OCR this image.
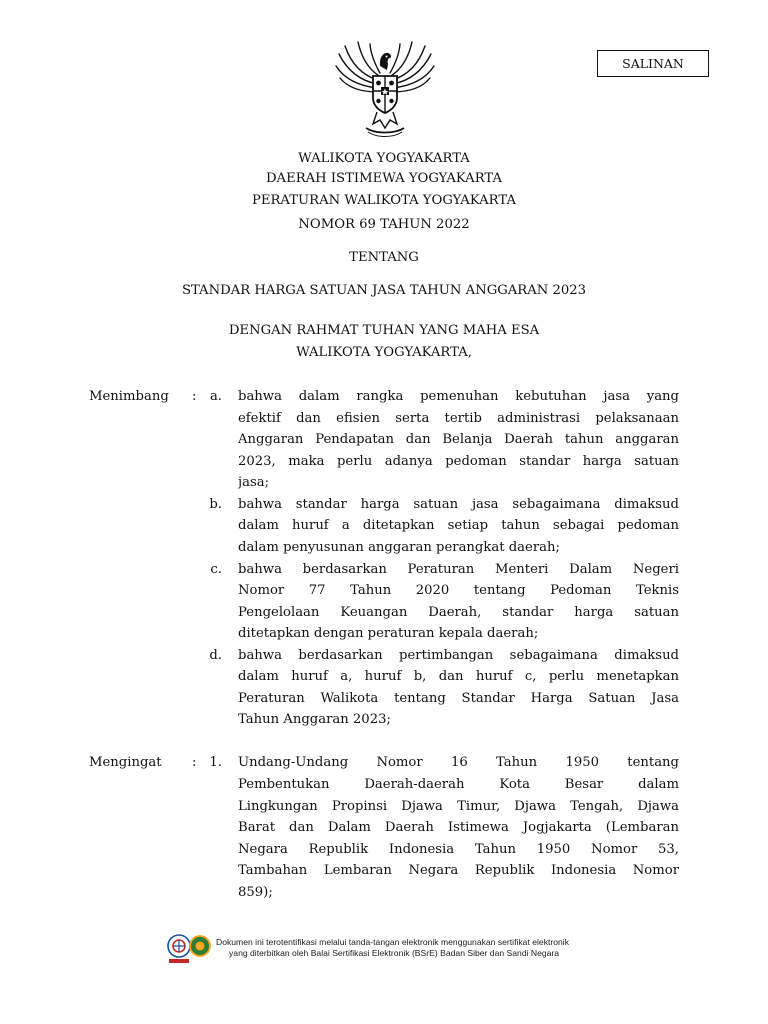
SALINAN
WALIKOTA YOGYAKARTA
DAERAH ISTIMEWA YOGYAKARTA
PERATURAN WALIKOTA YOGYAKARTA
NOMOR 69 TAHUN 2022
TENTANG
STANDAR HARGA SATUAN JASA TAHUN ANGGARAN 2023
DENGAN RAHMAT TUHAN YANG MAHA ESA
WALIKOTA YOGYAKARTA,
Menimbang :	a. bahwa dalam rangka pemenuhan kebutuhan jasa yang
efektif dan efisien serta tertib administrasi pelaksanaan
Anggaran Pendapatan dan Belanja Daerah tahun anggaran
2023, maka perlu adanya pedoman standar harga satuan
jasa;
b. bahwa standar harga satuan jasa sebagaimana dimaksud
dalam huruf a ditetapkan setiap tahun sebagai pedoman
dalam penyusunan anggaran perangkat daerah;
c. bahwa berdasarkan Peraturan Menteri Dalam Negeri
Nomor 77 Tahun 2020 tentang Pedoman Teknis
Pengelolaan Keuangan Daerah, standar harga satuan
ditetapkan dengan peraturan kepala daerah;
d. bahwa berdasarkan pertimbangan sebagaimana dimaksud
dalam huruf a, huruf b, dan huruf c, perlu menetapkan
Peraturan Walikota tentang Standar Harga Satuan Jasa
Tahun Anggaran 2023;
Mengingat : 1. Undang-Undang Nomor 16 Tahun 1950 tentang
Pembentukan Daerah-daerah Kota Besar dalam
Lingkungan Propinsi Djawa Timur, Djawa Tengah, Djawa
Barat dan Dalam Daerah Istimewa Jogjakarta (Lembaran
Negara Republik Indonesia Tahun 1950 Nomor 53,
Tambahan Lembaran Negara Republik Indonesia Nomor
859);
Dokumen ini terotentifikasi melalui tanda-tangan elektronik menggunakan sertifikat elektronik
yang diterbitkan oleh Balai Sertifikasi Elektronik (BSrE) Badan Siber dan Sandi Negara
